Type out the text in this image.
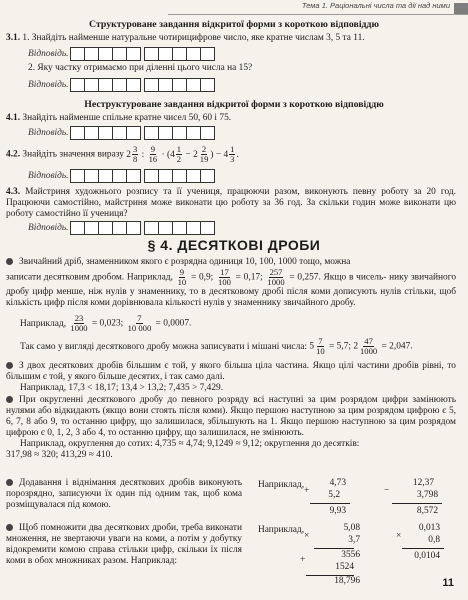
Тема 1. Раціональні числа та дії над ними
Структуроване завдання відкритої форми з короткою відповіддю
3.1. 1. Знайдіть найменше натуральне чотирицифрове число, яке кратне числам 3, 5 та 11.
Відповідь.
2. Яку частку отримаємо при діленні цього числа на 15?
Відповідь.
Неструктуроване завдання відкритої форми з короткою відповіддю
4.1. Знайдіть найменше спільне кратне чисел 50, 60 і 75.
Відповідь.
4.2. Знайдіть значення виразу $2 \frac{3}{8}$ : $\frac{9}{16} \cdot (4 \frac{1}{2} - 2 \frac{2}{19}$ ) − $4 \frac{1}{3}$ .
Відповідь.
4.3. Майстриня художнього розпису та її учениця, працюючи разом, виконують певну роботу за 20 год. Працюючи самостійно, майстриня може виконати цю роботу за 36 год. За скільки годин може виконати цю роботу самостійно її учениця?
Відповідь.
§ 4. ДЕСЯТКОВІ ДРОБИ
Звичайний дріб, знаменником якого є розрядна одиниця 10, 100, 1000 тощо, можна
записати десятковим дробом. Наприклад, $\frac{9}{10} = 0,9$; $\frac{17}{100} = 0,17$; $\frac{257}{1000} = 0,257$. Якщо в чисель- нику звичайного дробу цифр менше, ніж нулів у знаменнику, то в десятковому дробі після коми дописують нулів стільки, щоб кількість цифр після коми дорівнювала кількості нулів у знаменнику звичайного дробу.
Наприклад, $\frac{23}{1000} = 0,023$; $\frac{7}{10 000} = 0,0007$.
Так само у вигляді десяткового дробу можна записувати і мішані числа: $5 \frac{7}{10} = 5,7$; $2 \frac{47}{1000} = 2,047$.
З двох десяткових дробів більшим є той, у якого більша ціла частина. Якщо цілі частини дробів рівні, то більшим є той, у якого більше десятих, і так само далі.
Наприклад, 17,3 < 18,17; 13,4 > 13,2; 7,435 > 7,429.
При округленні десяткового дробу до певного розряду всі наступні за цим розрядом цифри замінюють нулями або відкидають (якщо вони стоять після коми). Якщо першою наступною за цим розрядом цифрою є 5, 6, 7, 8 або 9, то останню цифру, що залишилася, збільшують на 1. Якщо першою наступною за цим розрядом цифрою є 0, 1, 2, 3 або 4, то останню цифру, що залишилася, не змінюють.
Наприклад, округлення до сотих: 4,735 ≈ 4,74; 9,1249 ≈ 9,12; округлення до десятків:
317,98 ≈ 320; 413,29 ≈ 410.
Додавання і віднімання десяткових дробів виконують порозрядно, записуючи їх один під одним так, щоб кома розміщувалася під комою.
Наприклад,
+
4,73
5,2
9,93
−
12,37
3,798
8,572
Щоб помножити два десяткових дроби, треба виконати множення, не звертаючи уваги на коми, а потім у добутку відокремити комою справа стільки цифр, скільки їх після коми в обох множниках разом. Наприклад:
Наприклад,
×
5,08
3,7
+	3556
1524
18,796
×
0,013
0,8
0,0104
11
